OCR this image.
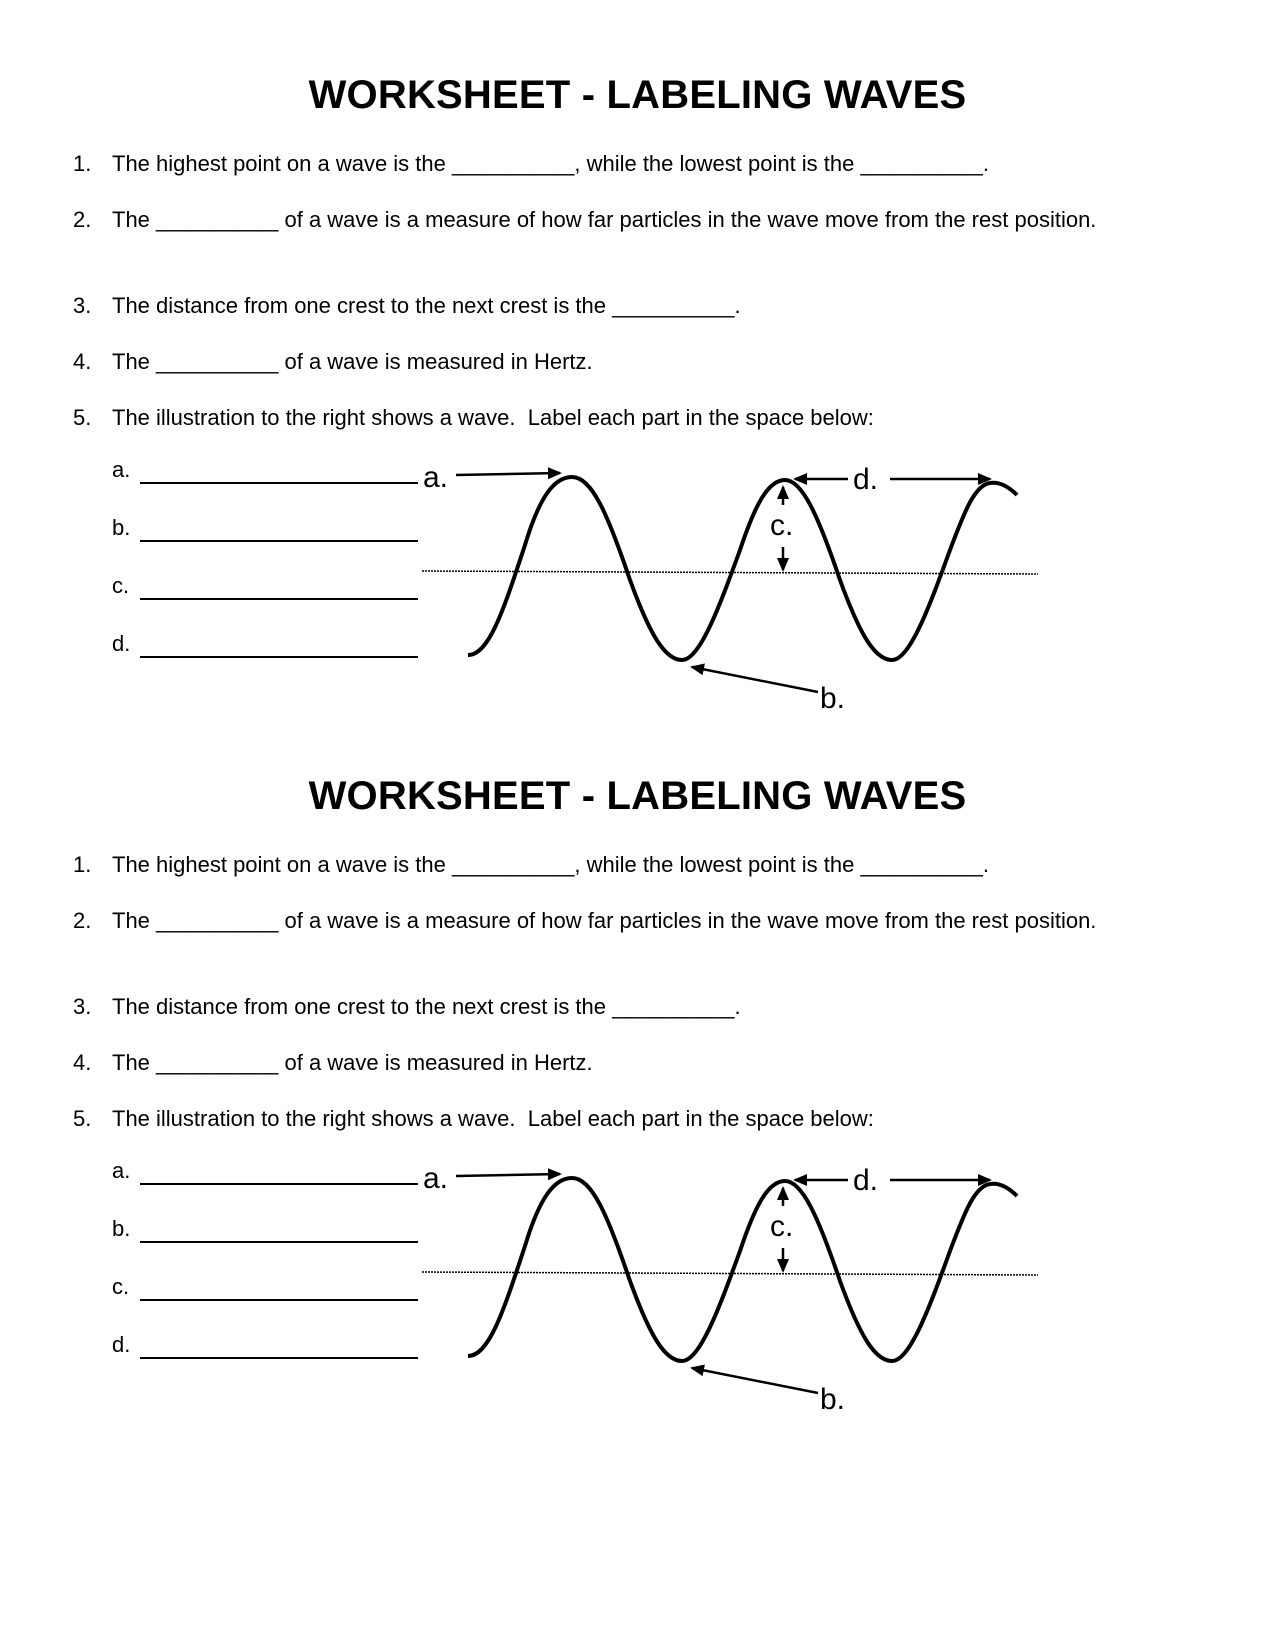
WORKSHEET - LABELING WAVES
1. The highest point on a wave is the __________, while the lowest point is the __________.
2. The __________ of a wave is a measure of how far particles in the wave move from the rest position.
3. The distance from one crest to the next crest is the __________.
4. The __________ of a wave is measured in Hertz.
5. The illustration to the right shows a wave.  Label each part in the space below:
a.
b.
c.
d.
a.	d.
c.
b.
WORKSHEET - LABELING WAVES
1. The highest point on a wave is the __________, while the lowest point is the __________.
2. The __________ of a wave is a measure of how far particles in the wave move from the rest position.
3. The distance from one crest to the next crest is the __________.
4. The __________ of a wave is measured in Hertz.
5. The illustration to the right shows a wave.  Label each part in the space below:
a.
b.
c.
d.
a.	d.
c.
b.
